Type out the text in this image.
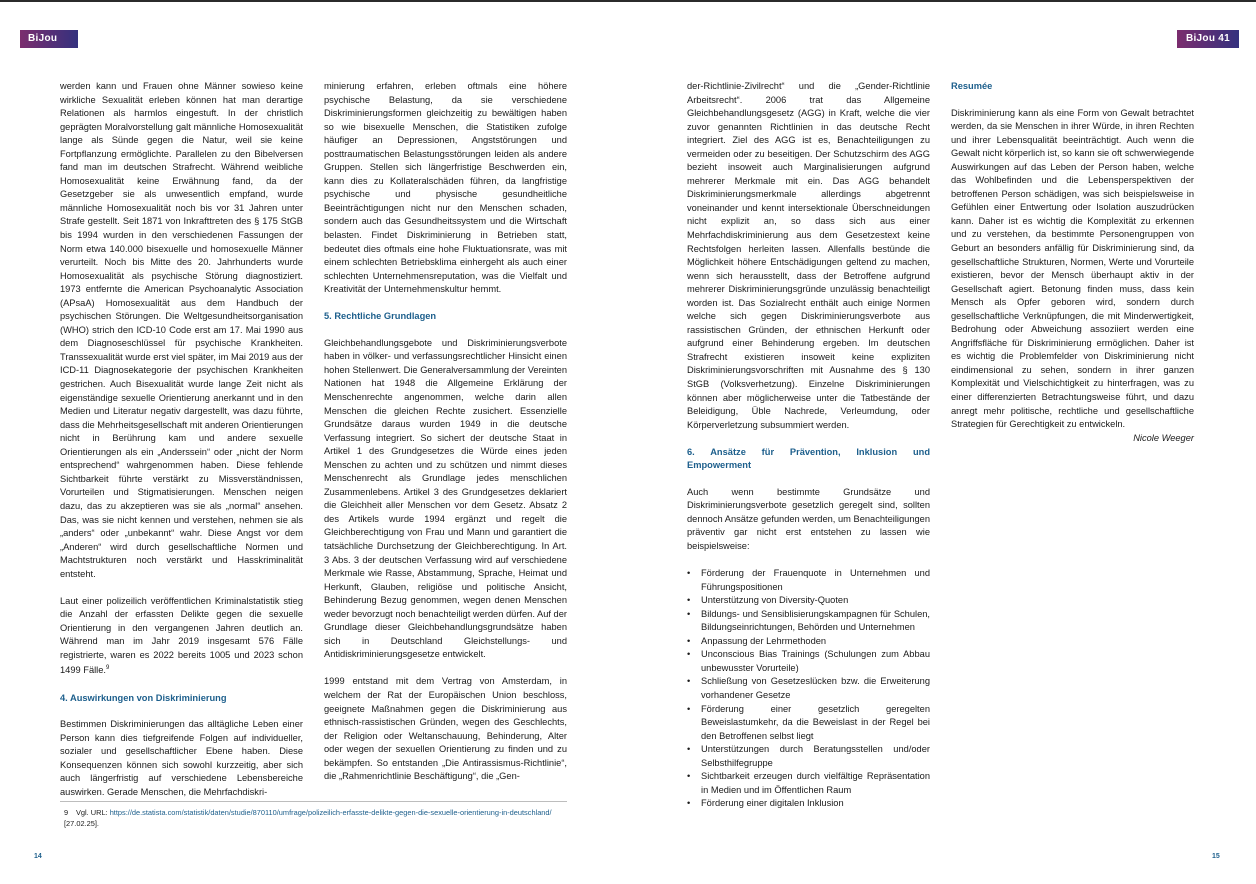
BiJou 41
BiJou 41

werden kann und Frauen ohne Männer sowieso keine wirkliche Sexualität erleben können hat man derartige Relationen als harmlos eingestuft. In der christlich geprägten Moralvorstellung galt männliche Homosexualität lange als Sünde gegen die Natur, weil sie keine Fortpflanzung ermöglichte. Parallelen zu den Bibelversen fand man im deutschen Strafrecht. Während weibliche Homosexualität keine Erwähnung fand, da der Gesetzgeber sie als unwesentlich empfand, wurde männliche Homosexualität noch bis vor 31 Jahren unter Strafe gestellt. Seit 1871 von Inkrafttreten des § 175 StGB bis 1994 wurden in den verschiedenen Fassungen der Norm etwa 140.000 bisexuelle und homosexuelle Männer verurteilt. Noch bis Mitte des 20. Jahrhunderts wurde Homosexualität als psychische Störung diagnostiziert. 1973 entfernte die American Psychoanalytic Association (APsaA) Homosexualität aus dem Handbuch der psychischen Störungen. Die Weltgesundheitsorganisation (WHO) strich den ICD-10 Code erst am 17. Mai 1990 aus dem Diagnoseschlüssel für psychische Krankheiten. Transsexualität wurde erst viel später, im Mai 2019 aus der ICD-11 Diagnosekategorie der psychischen Krankheiten gestrichen. Auch Bisexualität wurde lange Zeit nicht als eigenständige sexuelle Orientierung anerkannt und in den Medien und Literatur negativ dargestellt, was dazu führte, dass die Mehrheitsgesellschaft mit anderen Orientierungen nicht in Berührung kam und andere sexuelle Orientierungen als ein „Anderssein“ oder „nicht der Norm entsprechend“ wahrgenommen haben. Diese fehlende Sichtbarkeit führte verstärkt zu Missverständnissen, Vorurteilen und Stigmatisierungen. Menschen neigen dazu, das zu akzeptieren was sie als „normal“ ansehen. Das, was sie nicht kennen und verstehen, nehmen sie als „anders“ oder „unbekannt“ wahr. Diese Angst vor dem „Anderen“ wird durch gesellschaftliche Normen und Machtstrukturen noch verstärkt und Hasskriminalität entsteht.

Laut einer polizeilich veröffentlichen Kriminalstatistik stieg die Anzahl der erfassten Delikte gegen die sexuelle Orientierung in den vergangenen Jahren deutlich an. Während man im Jahr 2019 insgesamt 576 Fälle registrierte, waren es 2022 bereits 1005 und 2023 schon 1499 Fälle.$^9$

4. Auswirkungen von Diskriminierung

Bestimmen Diskriminierungen das alltägliche Leben einer Person kann dies tiefgreifende Folgen auf individueller, sozialer und gesellschaftlicher Ebene haben. Diese Konsequenzen können sich sowohl kurzzeitig, aber sich auch längerfristig auf verschiedene Lebensbereiche auswirken. Gerade Menschen, die Mehrfachdiskri-

minierung erfahren, erleben oftmals eine höhere psychische Belastung, da sie verschiedene Diskriminierungsformen gleichzeitig zu bewältigen haben so wie bisexuelle Menschen, die Statistiken zufolge häufiger an Depressionen, Angststörungen und posttraumatischen Belastungsstörungen leiden als andere Gruppen. Stellen sich längerfristige Beschwerden ein, kann dies zu Kollateralschäden führen, da langfristige psychische und physische gesundheitliche Beeinträchtigungen nicht nur den Menschen schaden, sondern auch das Gesundheitssystem und die Wirtschaft belasten. Findet Diskriminierung in Betrieben statt, bedeutet dies oftmals eine hohe Fluktuationsrate, was mit einem schlechten Betriebsklima einhergeht als auch einer schlechten Unternehmensreputation, was die Vielfalt und Kreativität der Unternehmenskultur hemmt.

5. Rechtliche Grundlagen

Gleichbehandlungsgebote und Diskriminierungsverbote haben in völker- und verfassungsrechtlicher Hinsicht einen hohen Stellenwert. Die Generalversammlung der Vereinten Nationen hat 1948 die Allgemeine Erklärung der Menschenrechte angenommen, welche darin allen Menschen die gleichen Rechte zusichert. Essenzielle Grundsätze daraus wurden 1949 in die deutsche Verfassung integriert. So sichert der deutsche Staat in Artikel 1 des Grundgesetzes die Würde eines jeden Menschen zu achten und zu schützen und nimmt dieses Menschenrecht als Grundlage jedes menschlichen Zusammenlebens. Artikel 3 des Grundgesetzes deklariert die Gleichheit aller Menschen vor dem Gesetz. Absatz 2 des Artikels wurde 1994 ergänzt und regelt die Gleichberechtigung von Frau und Mann und garantiert die tatsächliche Durchsetzung der Gleichberechtigung. In Art. 3 Abs. 3 der deutschen Verfassung wird auf verschiedene Merkmale wie Rasse, Abstammung, Sprache, Heimat und Herkunft, Glauben, religiöse und politische Ansicht, Behinderung Bezug genommen, wegen denen Menschen weder bevorzugt noch benachteiligt werden dürfen. Auf der Grundlage dieser Gleichbehandlungsgrundsätze haben sich in Deutschland Gleichstellungs- und Antidiskriminierungsgesetze entwickelt.

1999 entstand mit dem Vertrag von Amsterdam, in welchem der Rat der Europäischen Union beschloss, geeignete Maßnahmen gegen die Diskriminierung aus ethnisch-rassistischen Gründen, wegen des Geschlechts, der Religion oder Weltanschauung, Behinderung, Alter oder wegen der sexuellen Orientierung zu finden und zu bekämpfen. So entstanden „Die Antirassismus-Richtlinie“, die „Rahmenrichtlinie Beschäftigung“, die „Gen-

9 Vgl. URL: https://de.statista.com/statistik/daten/studie/870110/umfrage/polizeilich-erfasste-delikte-gegen-die-sexuelle-orientierung-in-deutschland/ [27.02.25].
14

der-Richtlinie-Zivilrecht“ und die „Gender-Richtlinie Arbeitsrecht“. 2006 trat das Allgemeine Gleichbehandlungsgesetz (AGG) in Kraft, welche die vier zuvor genannten Richtlinien in das deutsche Recht integriert. Ziel des AGG ist es, Benachteiligungen zu vermeiden oder zu beseitigen. Der Schutzschirm des AGG bezieht insoweit auch Marginalisierungen aufgrund mehrerer Merkmale mit ein. Das AGG behandelt Diskriminierungsmerkmale allerdings abgetrennt voneinander und kennt intersektionale Überschneidungen nicht explizit an, so dass sich aus einer Mehrfachdiskriminierung aus dem Gesetzestext keine Rechtsfolgen herleiten lassen. Allenfalls bestünde die Möglichkeit höhere Entschädigungen geltend zu machen, wenn sich herausstellt, dass der Betroffene aufgrund mehrerer Diskriminierungsgründe unzulässig benachteiligt worden ist. Das Sozialrecht enthält auch einige Normen welche sich gegen Diskriminierungsverbote aus rassistischen Gründen, der ethnischen Herkunft oder aufgrund einer Behinderung ergeben. Im deutschen Strafrecht existieren insoweit keine expliziten Diskriminierungsvorschriften mit Ausnahme des § 130 StGB (Volksverhetzung). Einzelne Diskriminierungen können aber möglicherweise unter die Tatbestände der Beleidigung, Üble Nachrede, Verleumdung, oder Körperverletzung subsummiert werden.

6. Ansätze für Prävention, Inklusion und Empowerment

Auch wenn bestimmte Grundsätze und Diskriminierungsverbote gesetzlich geregelt sind, sollten dennoch Ansätze gefunden werden, um Benachteiligungen präventiv gar nicht erst entstehen zu lassen wie beispielsweise:

• Förderung der Frauenquote in Unternehmen und Führungspositionen
• Unterstützung von Diversity-Quoten
• Bildungs- und Sensiblisierungskampagnen für Schulen, Bildungseinrichtungen, Behörden und Unternehmen
• Anpassung der Lehrmethoden
• Unconscious Bias Trainings (Schulungen zum Abbau unbewusster Vorurteile)
• Schließung von Gesetzeslücken bzw. die Erweiterung vorhandener Gesetze
• Förderung einer gesetzlich geregelten Beweislastumkehr, da die Beweislast in der Regel bei den Betroffenen selbst liegt
• Unterstützungen durch Beratungsstellen und/oder Selbsthilfegruppe
• Sichtbarkeit erzeugen durch vielfältige Repräsentation in Medien und im Öffentlichen Raum
• Förderung einer digitalen Inklusion
Resumée

Diskriminierung kann als eine Form von Gewalt betrachtet werden, da sie Menschen in ihrer Würde, in ihren Rechten und ihrer Lebensqualität beeinträchtigt. Auch wenn die Gewalt nicht körperlich ist, so kann sie oft schwerwiegende Auswirkungen auf das Leben der Person haben, welche das Wohlbefinden und die Lebensperspektiven der betroffenen Person schädigen, was sich beispielsweise in Gefühlen einer Entwertung oder Isolation auszudrücken kann. Daher ist es wichtig die Komplexität zu erkennen und zu verstehen, da bestimmte Personengruppen von Geburt an besonders anfällig für Diskriminierung sind, da gesellschaftliche Strukturen, Normen, Werte und Vorurteile existieren, bevor der Mensch überhaupt aktiv in der Gesellschaft agiert. Betonung finden muss, dass kein Mensch als Opfer geboren wird, sondern durch gesellschaftliche Verknüpfungen, die mit Minderwertigkeit, Bedrohung oder Abweichung assoziiert werden eine Angriffsfläche für Diskriminierung ermöglichen. Daher ist es wichtig die Problemfelder von Diskriminierung nicht eindimensional zu sehen, sondern in ihrer ganzen Komplexität und Vielschichtigkeit zu hinterfragen, was zu einer differenzierten Betrachtungsweise führt, und dazu anregt mehr politische, rechtliche und gesellschaftliche Strategien für Gerechtigkeit zu entwickeln.

Nicole Weeger
15
